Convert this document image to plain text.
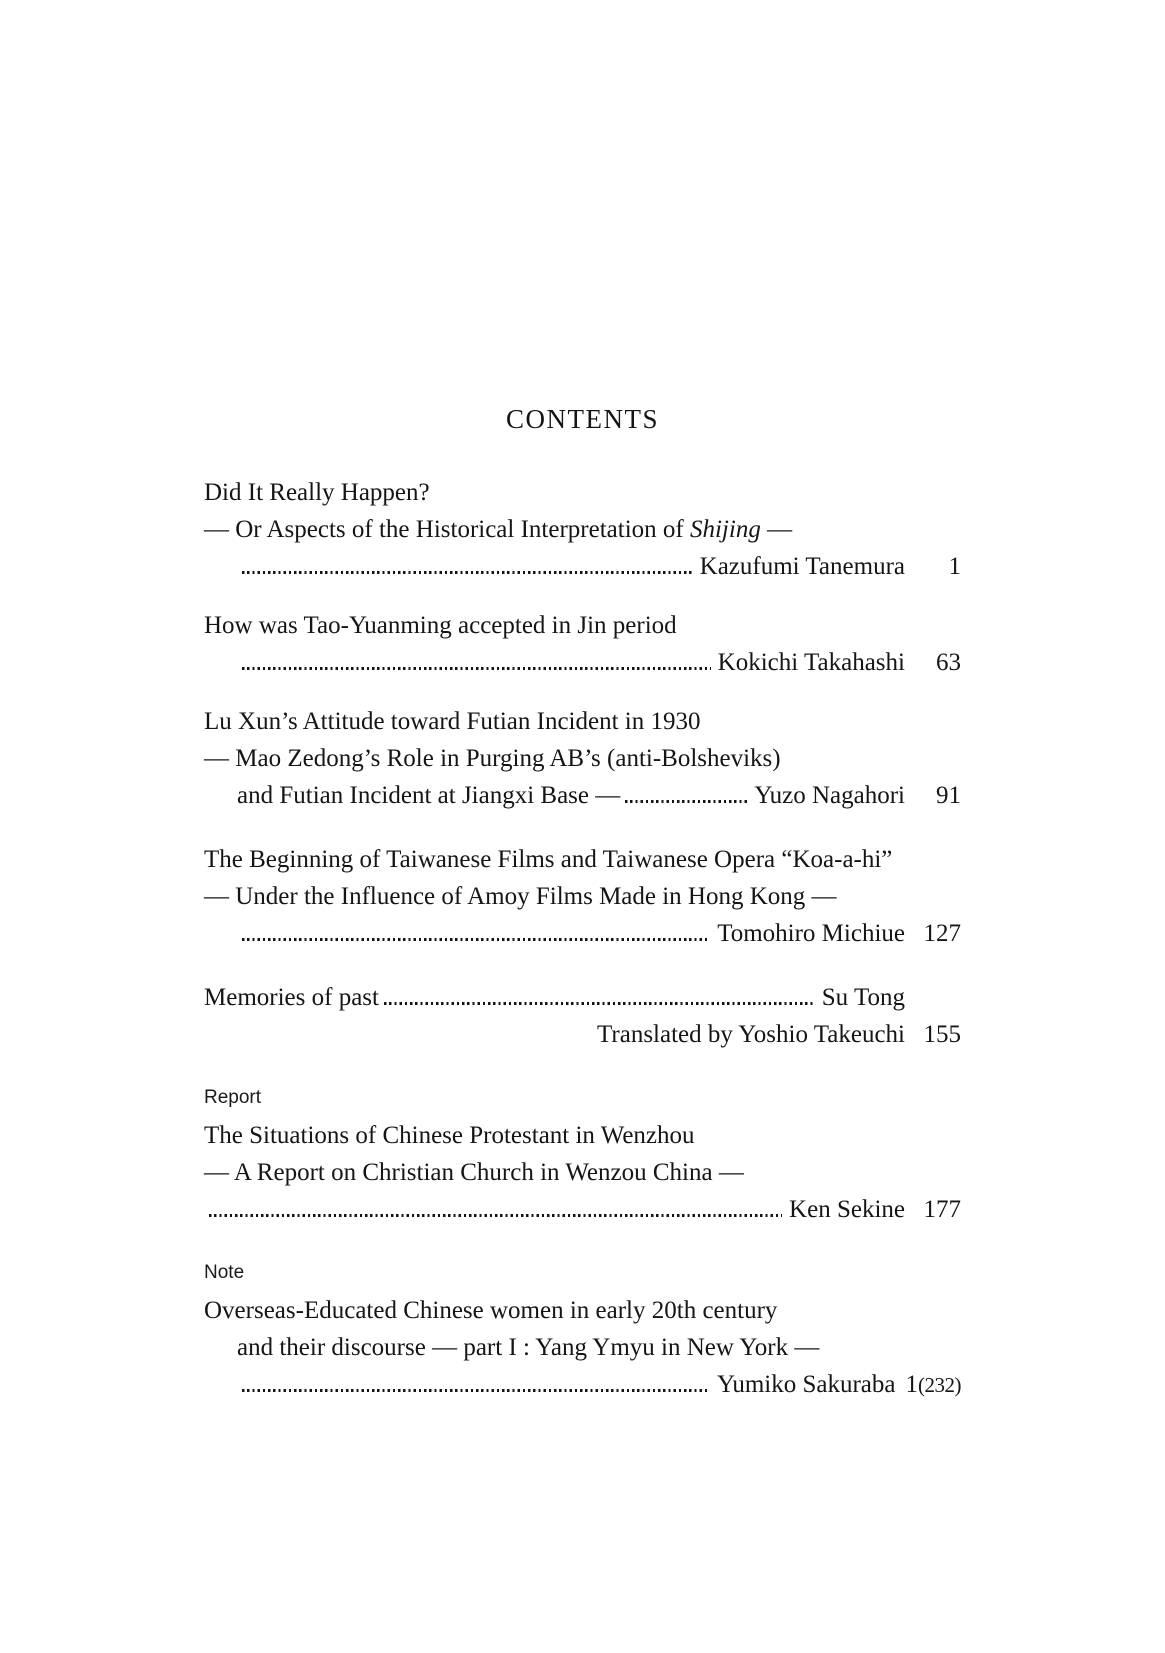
CONTENTS
Did It Really Happen?
— Or Aspects of the Historical Interpretation of Shijing —
Kazufumi Tanemura	1
How was Tao-Yuanming accepted in Jin period
Kokichi Takahashi	63
Lu Xun’s Attitude toward Futian Incident in 1930
— Mao Zedong’s Role in Purging AB’s (anti-Bolsheviks)
and Futian Incident at Jiangxi Base —	Yuzo Nagahori	91
The Beginning of Taiwanese Films and Taiwanese Opera “Koa-a-hi”
— Under the Influence of Amoy Films Made in Hong Kong —
Tomohiro Michiue 127
Memories of past	Su Tong
Translated by Yoshio Takeuchi 155
Report
The Situations of Chinese Protestant in Wenzhou
— A Report on Christian Church in Wenzou China —
Ken Sekine 177
Note
Overseas-Educated Chinese women in early 20th century
and their discourse — part I : Yang Ymyu in New York —
Yumiko Sakuraba 1(232)
